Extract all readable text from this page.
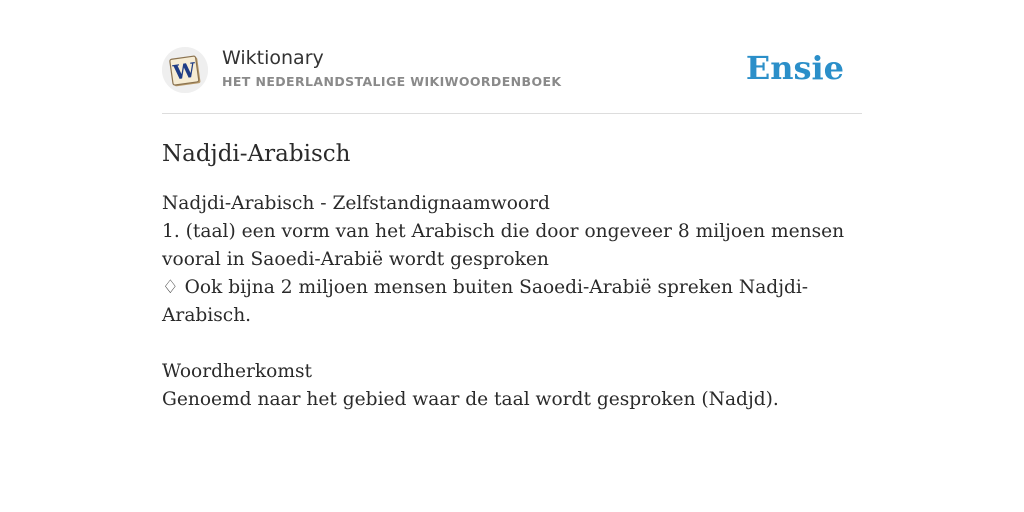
W Wiktionary
HET NEDERLANDSTALIGE WIKIWOORDENBOEK	Ensie
Nadjdi-Arabisch

Nadjdi-Arabisch - Zelfstandignaamwoord

1. (taal) een vorm van het Arabisch die door ongeveer 8 miljoen mensen vooral in Saoedi-Arabië wordt gesproken

♢ Ook bijna 2 miljoen mensen buiten Saoedi-Arabië spreken Nadjdi-Arabisch.

Woordherkomst

Genoemd naar het gebied waar de taal wordt gesproken (Nadjd).
